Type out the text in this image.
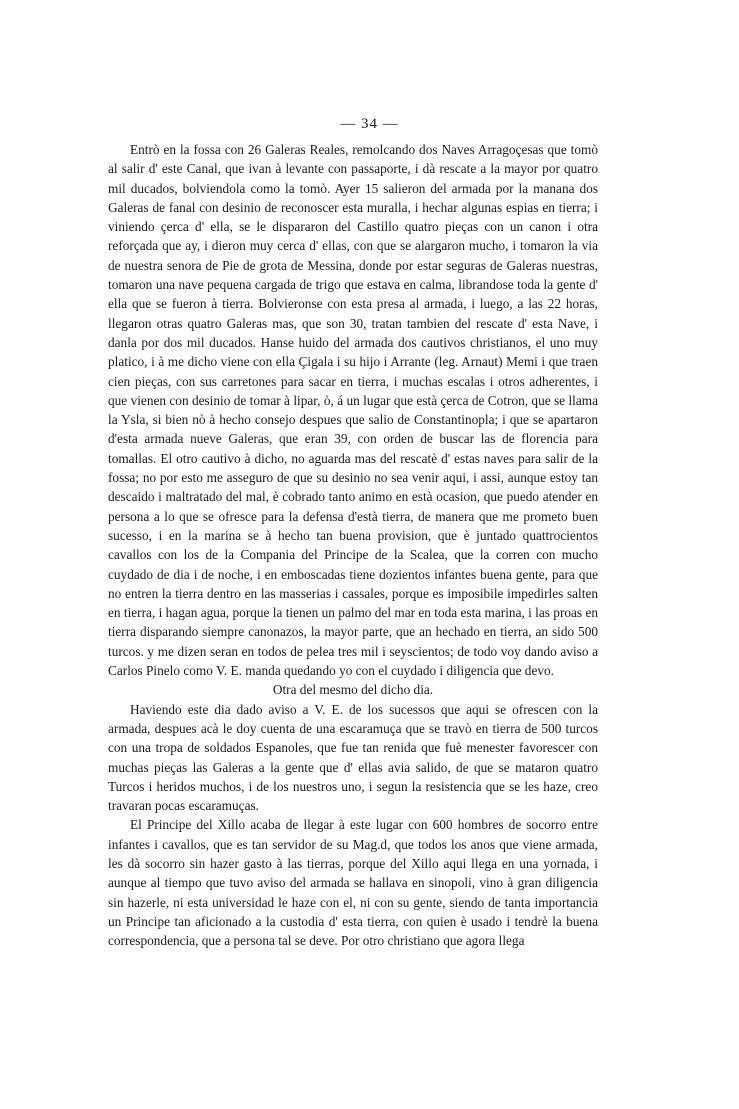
— 34 —

Entrò en la fossa con 26 Galeras Reales, remolcando dos Naves Arragoçesas que tomò al salir d' este Canal, que ivan à levante con passaporte, i dà rescate a la mayor por quatro mil ducados, bolviendola como la tomò. Ayer 15 salieron del armada por la manana dos Galeras de fanal con desinio de reconoscer esta muralla, i hechar algunas espias en tierra; i viniendo çerca d' ella, se le dispararon del Castillo quatro pieças con un canon i otra reforçada que ay, i dieron muy cerca d' ellas, con que se alargaron mucho, i tomaron la via de nuestra senora de Pie de grota de Messina, donde por estar seguras de Galeras nuestras, tomaron una nave pequena cargada de trigo que estava en calma, librandose toda la gente d' ella que se fueron à tierra. Bolvieronse con esta presa al armada, i luego, a las 22 horas, llegaron otras quatro Galeras mas, que son 30, tratan tambien del rescate d' esta Nave, i danla por dos mil ducados. Hanse huido del armada dos cautivos christianos, el uno muy platico, i à me dicho viene con ella Çigala i su hijo i Arrante (leg. Arnaut) Memi i que traen cien pieças, con sus carretones para sacar en tierra, i muchas escalas i otros adherentes, i que vienen con desinio de tomar à lipar, ò, á un lugar que està çerca de Cotron, que se llama la Ysla, si bien nò à hecho consejo despues que salio de Constantinopla; i que se apartaron d'esta armada nueve Galeras, que eran 39, con orden de buscar las de florencia para tomallas. El otro cautivo à dicho, no aguarda mas del rescatè d' estas naves para salir de la fossa; no por esto me asseguro de que su desinio no sea venir aqui, i assi, aunque estoy tan descaido i maltratado del mal, è cobrado tanto animo en està ocasion, que puedo atender en persona a lo que se ofresce para la defensa d'està tierra, de manera que me prometo buen sucesso, i en la marina se à hecho tan buena provision, que è juntado quattrocientos cavallos con los de la Compania del Principe de la Scalea, que la corren con mucho cuydado de dia i de noche, i en emboscadas tiene dozientos infantes buena gente, para que no entren la tierra dentro en las masserias i cassales, porque es imposibile impedirles salten en tierra, i hagan agua, porque la tienen un palmo del mar en toda esta marina, i las proas en tierra disparando siempre canonazos, la mayor parte, que an hechado en tierra, an sido 500 turcos. y me dizen seran en todos de pelea tres mil i seyscientos; de todo voy dando aviso a Carlos Pinelo como V. E. manda quedando yo con el cuydado i diligencia que devo.

Otra del mesmo del dicho dia.

Haviendo este dia dado aviso a V. E. de los sucessos que aqui se ofrescen con la armada, despues acà le doy cuenta de una escaramuça que se travò en tierra de 500 turcos con una tropa de soldados Espanoles, que fue tan renida que fuè menester favorescer con muchas pieças las Galeras a la gente que d' ellas avia salido, de que se mataron quatro Turcos i heridos muchos, i de los nuestros uno, i segun la resistencia que se les haze, creo travaran pocas escaramuças.

El Principe del Xillo acaba de llegar à este lugar con 600 hombres de socorro entre infantes i cavallos, que es tan servidor de su Mag.d, que todos los anos que viene armada, les dà socorro sin hazer gasto à las tierras, porque del Xillo aqui llega en una yornada, i aunque al tiempo que tuvo aviso del armada se hallava en sinopoli, vino à gran diligencia sin hazerle, ni esta universidad le haze con el, ni con su gente, siendo de tanta importancia un Principe tan aficionado a la custodia d' esta tierra, con quien è usado i tendrè la buena correspondencia, que a persona tal se deve. Por otro christiano que agora llega
